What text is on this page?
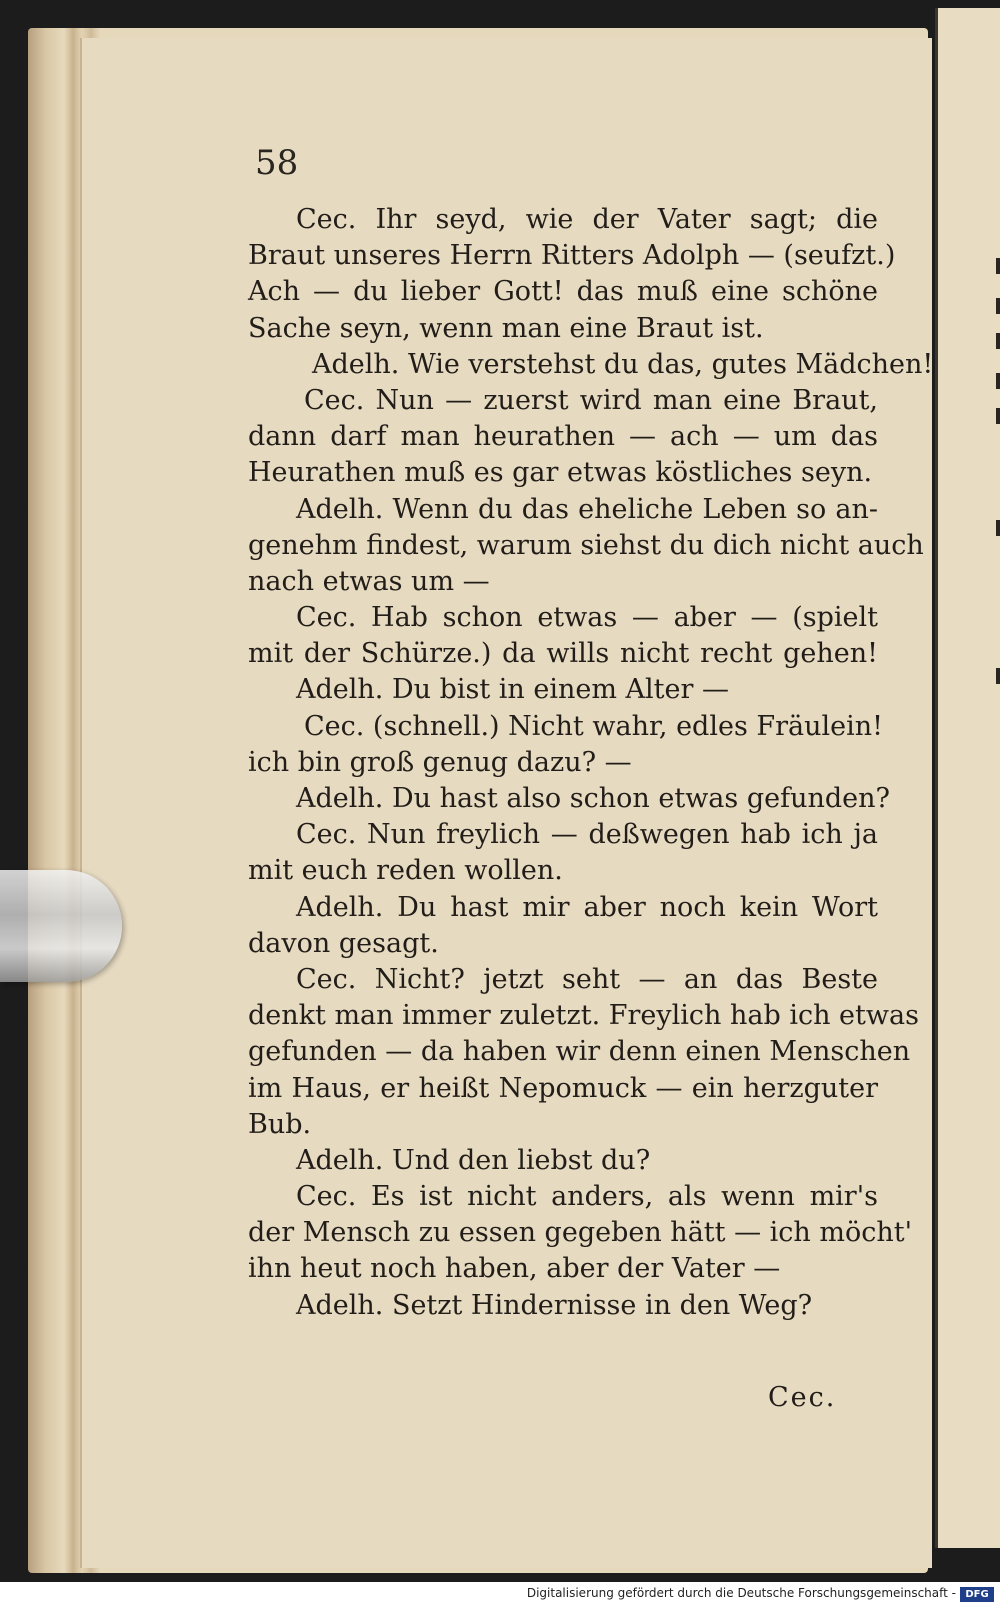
58
Cec. Ihr seyd, wie der Vater sagt; die
Braut unseres Herrn Ritters Adolph — (seufzt.)
Ach — du lieber Gott! das muß eine schöne
Sache seyn, wenn man eine Braut ist.
Adelh. Wie verstehst du das, gutes Mädchen!
Cec. Nun — zuerst wird man eine Braut,
dann darf man heurathen — ach — um das
Heurathen muß es gar etwas köstliches seyn.
Adelh. Wenn du das eheliche Leben so an-
genehm findest, warum siehst du dich nicht auch
nach etwas um —
Cec. Hab schon etwas — aber — (spielt
mit der Schürze.) da wills nicht recht gehen!
Adelh. Du bist in einem Alter —
Cec. (schnell.) Nicht wahr, edles Fräulein!
ich bin groß genug dazu? —
Adelh. Du hast also schon etwas gefunden?
Cec. Nun freylich — deßwegen hab ich ja
mit euch reden wollen.
Adelh. Du hast mir aber noch kein Wort
davon gesagt.
Cec. Nicht? jetzt seht — an das Beste
denkt man immer zuletzt. Freylich hab ich etwas
gefunden — da haben wir denn einen Menschen
im Haus, er heißt Nepomuck — ein herzguter
Bub.
Adelh. Und den liebst du?
Cec. Es ist nicht anders, als wenn mir's
der Mensch zu essen gegeben hätt — ich möcht'
ihn heut noch haben, aber der Vater —
Adelh. Setzt Hindernisse in den Weg?
Cec.
Digitalisierung gefördert durch die Deutsche Forschungsgemeinschaft - DFG
